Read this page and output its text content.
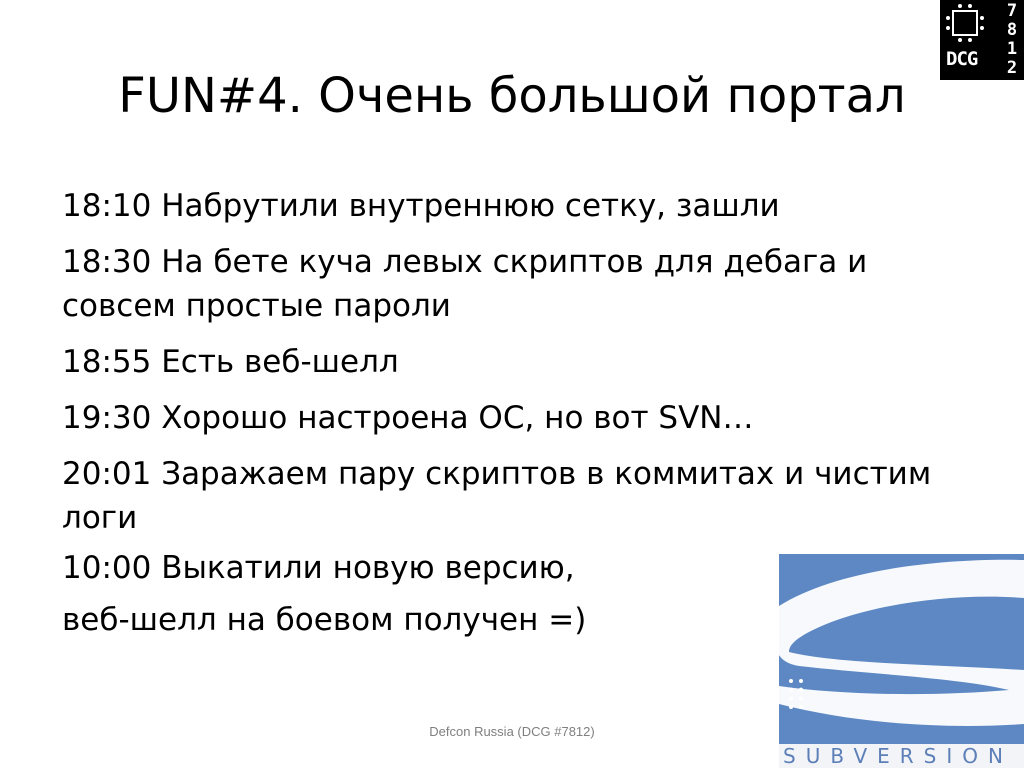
DCG
7
8
1
2
FUN#4. Очень большой портал
18:10 Набрутили внутреннюю сетку, зашли
18:30 На бете куча левых скриптов для дебага и совсем простые пароли
18:55 Есть веб-шелл
19:30 Хорошо настроена ОС, но вот SVN…
20:01 Заражаем пару скриптов в коммитах и чистим логи
10:00 Выкатили новую версию,
веб-шелл на боевом получен =)
SUBVERSION
Defcon Russia (DCG #7812)
